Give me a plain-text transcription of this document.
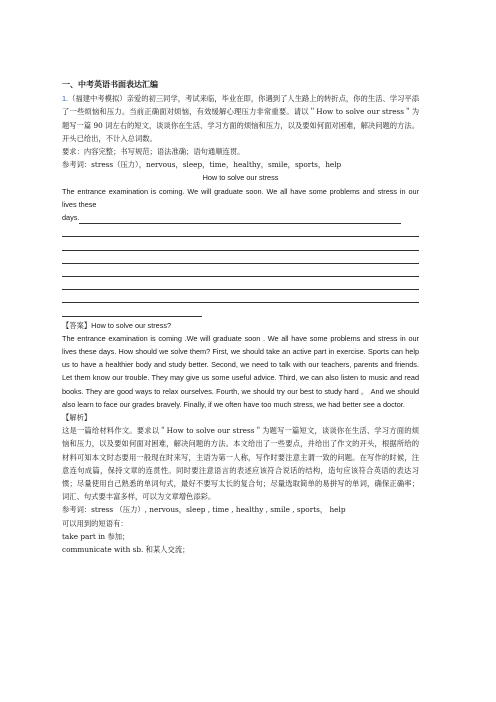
一、中考英语书面表达汇编

1.（福建中考模拟）亲爱的初三同学，考试来临，毕业在即，你遇到了人生路上的转折点，你的生活、学习平添了一些烦恼和压力。当前正确面对烦恼，有效缓解心理压力非常重要。请以＂How to solve our stress＂为题写一篇 90 词左右的短文，谈谈你在生活、学习方面的烦恼和压力，以及要如何面对困难，解决问题的方法。开头已给出，不计入总词数。

要求：内容完整；书写规范；语法准确；语句通顺连贯。

参考词：stress（压力），nervous，sleep，time，healthy，smile，sports，help

How to solve our stress

The entrance examination is coming. We will graduate soon. We all have some problems and stress in our lives these

days.

【答案】How to solve our stress?

The entrance examination is coming .We will graduate soon . We all have some problems and stress in our lives these days. How should we solve them? First, we should take an active part in exercise. Sports can help us to have a healthier body and study better. Second, we need to talk with our teachers, parents and friends. Let them know our trouble. They may give us some useful advice. Third, we can also listen to music and read books. They are good ways to relax ourselves. Fourth, we should try our best to study hard 。 And we should also learn to face our grades bravely. Finally, if we often have too much stress, we had better see a doctor.

【解析】

这是一篇给材料作文。要求以＂How to solve our stress＂为题写一篇短文，谈谈你在生活、学习方面的烦恼和压力，以及要如何面对困难，解决问题的方法。本文给出了一些要点，并给出了作文的开头，根据所给的材料可知本文时态要用一般现在时来写，主语为第一人称，写作时要注意主谓一致的问题。在写作的时候，注意连句成篇，保持文章的连贯性。同时要注意语言的表述应该符合说话的结构，造句应该符合英语的表达习惯；尽量使用自己熟悉的单词句式，最好不要写太长的复合句；尽量选取简单的易拼写的单词，确保正确率；词汇、句式要丰富多样，可以为文章增色添彩。

参考词：stress （压力）, nervous，sleep , time , healthy , smile , sports， help

可以用到的短语有：

take part in 参加；

communicate with sb. 和某人交流；
